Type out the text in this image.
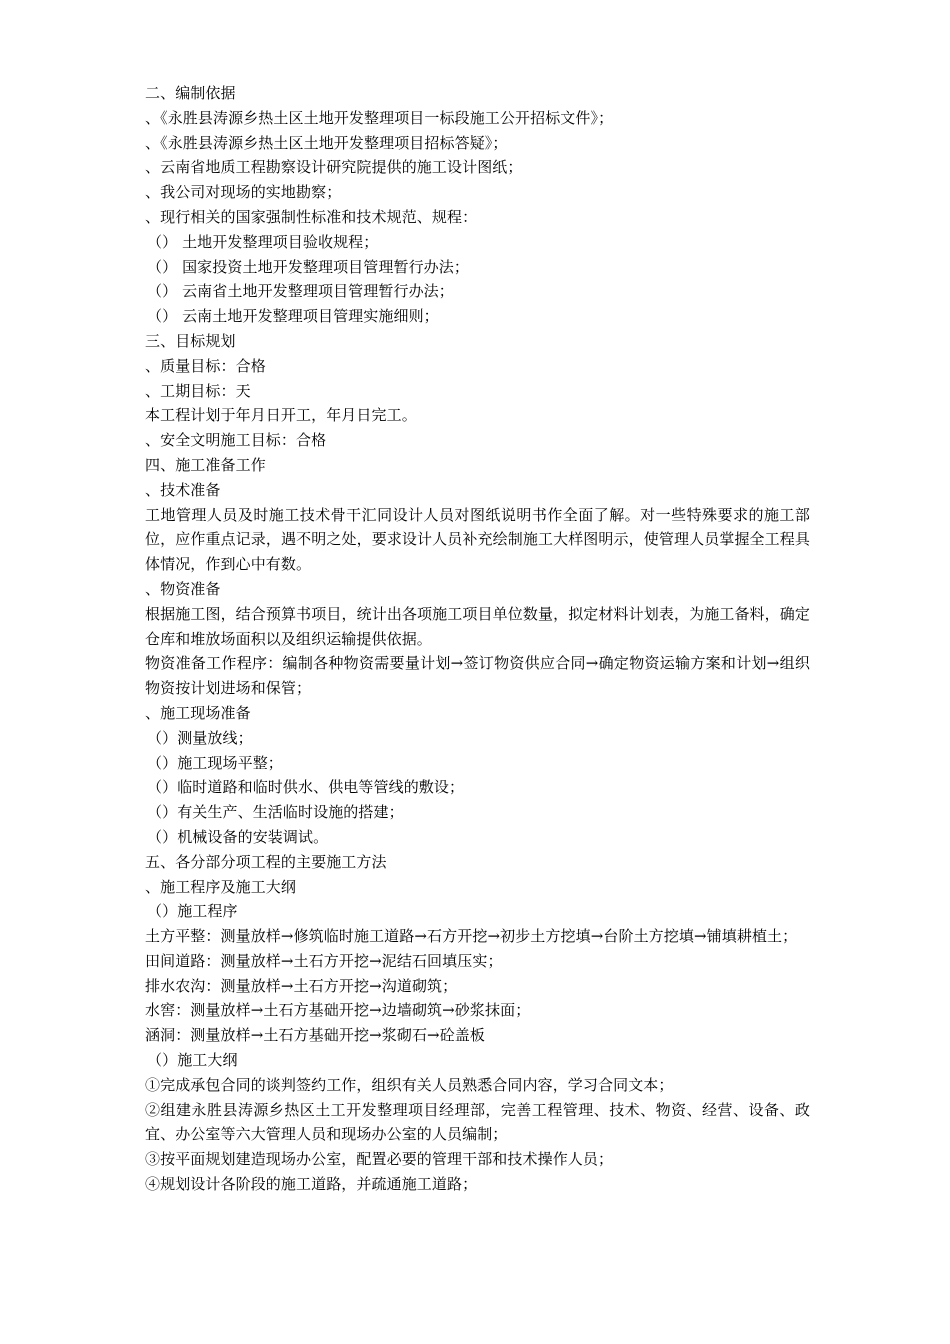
二、编制依据
、《永胜县涛源乡热土区土地开发整理项目一标段施工公开招标文件》；
、《永胜县涛源乡热土区土地开发整理项目招标答疑》；
、云南省地质工程勘察设计研究院提供的施工设计图纸；
、我公司对现场的实地勘察；
、现行相关的国家强制性标准和技术规范、规程：
（） 土地开发整理项目验收规程；
（） 国家投资土地开发整理项目管理暂行办法；
（） 云南省土地开发整理项目管理暂行办法；
（） 云南土地开发整理项目管理实施细则；
三、目标规划
、质量目标：合格
、工期目标：天
本工程计划于年月日开工，年月日完工。
、安全文明施工目标：合格
四、施工准备工作
、技术准备
工地管理人员及时施工技术骨干汇同设计人员对图纸说明书作全面了解。对一些特殊要求的施工部位，应作重点记录，遇不明之处，要求设计人员补充绘制施工大样图明示，使管理人员掌握全工程具体情况，作到心中有数。
、物资准备
根据施工图，结合预算书项目，统计出各项施工项目单位数量，拟定材料计划表，为施工备料，确定仓库和堆放场面积以及组织运输提供依据。
物资准备工作程序：编制各种物资需要量计划→签订物资供应合同→确定物资运输方案和计划→组织物资按计划进场和保管；
、施工现场准备
（）测量放线；
（）施工现场平整；
（）临时道路和临时供水、供电等管线的敷设；
（）有关生产、生活临时设施的搭建；
（）机械设备的安装调试。
五、各分部分项工程的主要施工方法
、施工程序及施工大纲
（）施工程序
土方平整：测量放样→修筑临时施工道路→石方开挖→初步土方挖填→台阶土方挖填→铺填耕植土；
田间道路：测量放样→土石方开挖→泥结石回填压实；
排水农沟：测量放样→土石方开挖→沟道砌筑；
水窖：测量放样→土石方基础开挖→边墙砌筑→砂浆抹面；
涵洞：测量放样→土石方基础开挖→浆砌石→砼盖板
（）施工大纲
①完成承包合同的谈判签约工作，组织有关人员熟悉合同内容，学习合同文本；
②组建永胜县涛源乡热区土工开发整理项目经理部，完善工程管理、技术、物资、经营、设备、政宜、办公室等六大管理人员和现场办公室的人员编制；
③按平面规划建造现场办公室，配置必要的管理干部和技术操作人员；
④规划设计各阶段的施工道路，并疏通施工道路；
